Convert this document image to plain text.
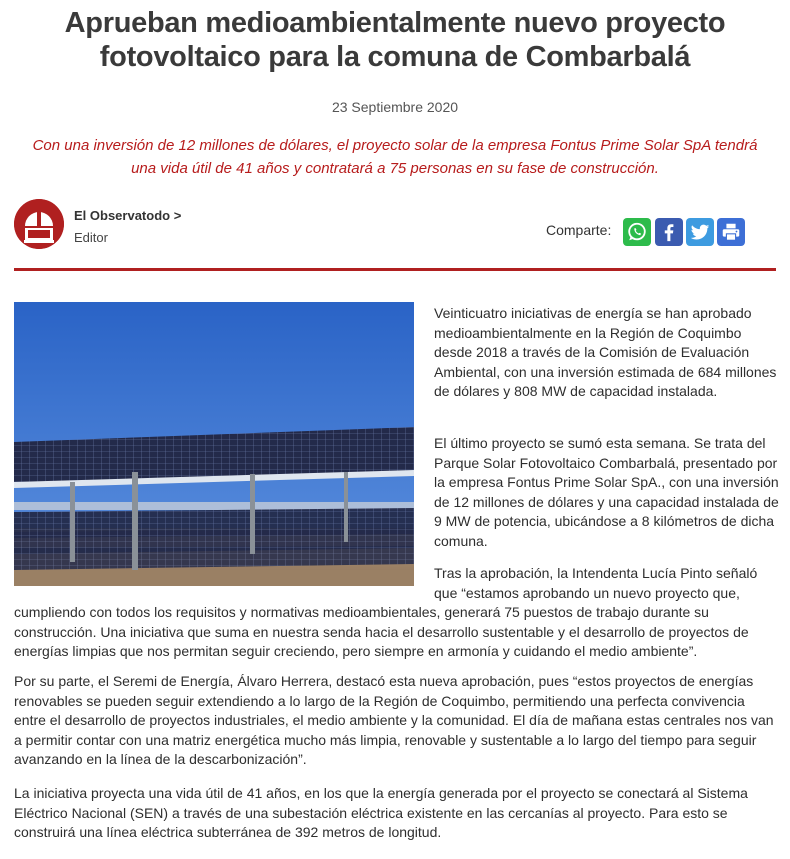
Aprueban medioambientalmente nuevo proyecto fotovoltaico para la comuna de Combarbalá
23 Septiembre 2020
Con una inversión de 12 millones de dólares, el proyecto solar de la empresa Fontus Prime Solar SpA tendrá una vida útil de 41 años y contratará a 75 personas en su fase de construcción.
El Observatodo >
Editor	Comparte:

Veinticuatro iniciativas de energía se han aprobado medioambientalmente en la Región de Coquimbo desde 2018 a través de la Comisión de Evaluación Ambiental, con una inversión estimada de 684 millones de dólares y 808 MW de capacidad instalada.

El último proyecto se sumó esta semana. Se trata del Parque Solar Fotovoltaico Combarbalá, presentado por la empresa Fontus Prime Solar SpA., con una inversión de 12 millones de dólares y una capacidad instalada de 9 MW de potencia, ubicándose a 8 kilómetros de dicha comuna.

Tras la aprobación, la Intendenta Lucía Pinto señaló que “estamos aprobando un nuevo proyecto que,

cumpliendo con todos los requisitos y normativas medioambientales, generará 75 puestos de trabajo durante su construcción. Una iniciativa que suma en nuestra senda hacia el desarrollo sustentable y el desarrollo de proyectos de energías limpias que nos permitan seguir creciendo, pero siempre en armonía y cuidando el medio ambiente”.

Por su parte, el Seremi de Energía, Álvaro Herrera, destacó esta nueva aprobación, pues “estos proyectos de energías renovables se pueden seguir extendiendo a lo largo de la Región de Coquimbo, permitiendo una perfecta convivencia entre el desarrollo de proyectos industriales, el medio ambiente y la comunidad. El día de mañana estas centrales nos van a permitir contar con una matriz energética mucho más limpia, renovable y sustentable a lo largo del tiempo para seguir avanzando en la línea de la descarbonización”.

La iniciativa proyecta una vida útil de 41 años, en los que la energía generada por el proyecto se conectará al Sistema Eléctrico Nacional (SEN) a través de una subestación eléctrica existente en las cercanías al proyecto. Para esto se construirá una línea eléctrica subterránea de 392 metros de longitud.
